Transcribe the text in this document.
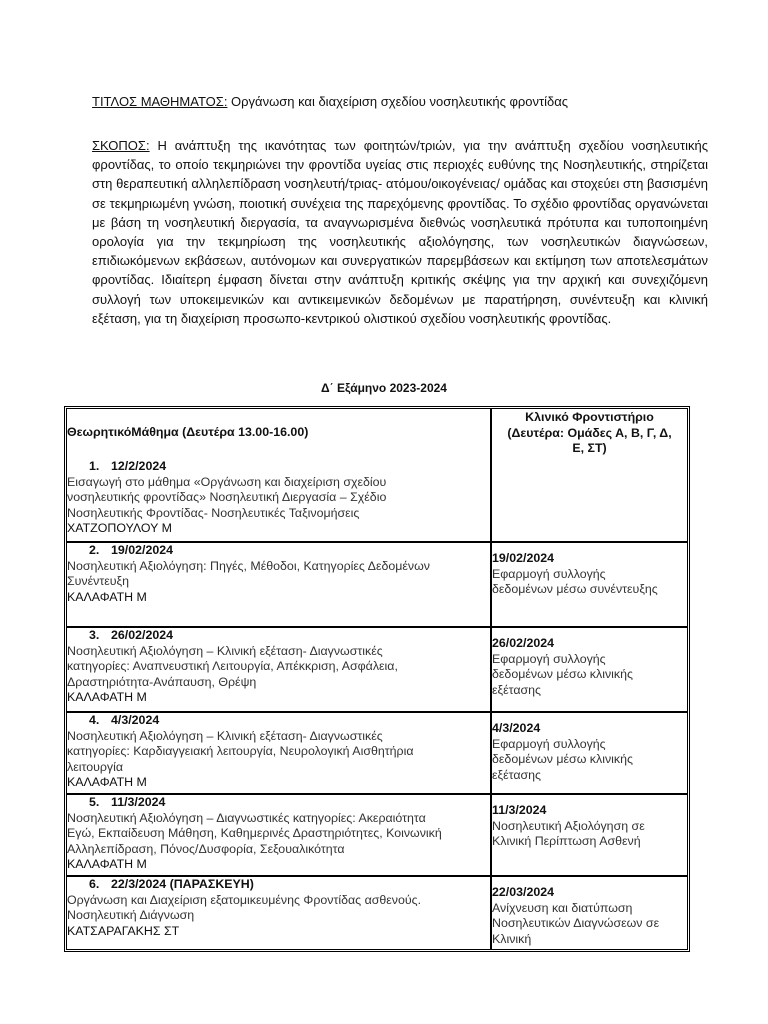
ΤΙΤΛΟΣ ΜΑΘΗΜΑΤΟΣ: Οργάνωση και διαχείριση σχεδίου νοσηλευτικής φροντίδας
ΣΚΟΠΟΣ: Η ανάπτυξη της ικανότητας των φοιτητών/τριών, για την ανάπτυξη σχεδίου νοσηλευτικής φροντίδας, το οποίο τεκμηριώνει την φροντίδα υγείας στις περιοχές ευθύνης της Νοσηλευτικής, στηρίζεται στη θεραπευτική αλληλεπίδραση νοσηλευτή/τριας- ατόμου/οικογένειας/ ομάδας και στοχεύει στη βασισμένη σε τεκμηριωμένη γνώση, ποιοτική συνέχεια της παρεχόμενης φροντίδας. Το σχέδιο φροντίδας οργανώνεται με βάση τη νοσηλευτική διεργασία, τα αναγνωρισμένα διεθνώς νοσηλευτικά πρότυπα και τυποποιημένη ορολογία για την τεκμηρίωση της νοσηλευτικής αξιολόγησης, των νοσηλευτικών διαγνώσεων, επιδιωκόμενων εκβάσεων, αυτόνομων και συνεργατικών παρεμβάσεων και εκτίμηση των αποτελεσμάτων φροντίδας. Ιδιαίτερη έμφαση δίνεται στην ανάπτυξη κριτικής σκέψης για την αρχική και συνεχιζόμενη συλλογή των υποκειμενικών και αντικειμενικών δεδομένων με παρατήρηση, συνέντευξη και κλινική εξέταση, για τη διαχείριση προσωπο-κεντρικού ολιστικού σχεδίου νοσηλευτικής φροντίδας.
Δ΄ Εξάμηνο 2023-2024
ΘεωρητικόΜάθημα (Δευτέρα 13.00-16.00)
Κλινικό Φροντιστήριο
(Δευτέρα: Ομάδες Α, Β, Γ, Δ,
Ε, ΣΤ)
1. 12/2/2024
Εισαγωγή στο μάθημα «Οργάνωση και διαχείριση σχεδίου
νοσηλευτικής φροντίδας» Νοσηλευτική Διεργασία – Σχέδιο
Νοσηλευτικής Φροντίδας- Νοσηλευτικές Ταξινομήσεις
ΧΑΤΖΟΠΟΥΛΟΥ Μ
2. 19/02/2024
Νοσηλευτική Αξιολόγηση: Πηγές, Μέθοδοι, Κατηγορίες Δεδομένων
Συνέντευξη
ΚΑΛΑΦΑΤΗ Μ
19/02/2024
Εφαρμογή συλλογής
δεδομένων μέσω συνέντευξης
3. 26/02/2024
Νοσηλευτική Αξιολόγηση – Κλινική εξέταση- Διαγνωστικές
κατηγορίες: Αναπνευστική Λειτουργία, Απέκκριση, Ασφάλεια,
Δραστηριότητα-Ανάπαυση, Θρέψη
ΚΑΛΑΦΑΤΗ Μ
26/02/2024
Εφαρμογή συλλογής
δεδομένων μέσω κλινικής
εξέτασης
4. 4/3/2024
Νοσηλευτική Αξιολόγηση – Κλινική εξέταση- Διαγνωστικές
κατηγορίες: Καρδιαγγειακή λειτουργία, Νευρολογική Αισθητήρια
λειτουργία
ΚΑΛΑΦΑΤΗ Μ
4/3/2024
Εφαρμογή συλλογής
δεδομένων μέσω κλινικής
εξέτασης
5. 11/3/2024
Νοσηλευτική Αξιολόγηση – Διαγνωστικές κατηγορίες: Ακεραιότητα
Εγώ, Εκπαίδευση Μάθηση, Καθημερινές Δραστηριότητες, Κοινωνική
Αλληλεπίδραση, Πόνος/Δυσφορία, Σεξουαλικότητα
ΚΑΛΑΦΑΤΗ Μ
11/3/2024
Νοσηλευτική Αξιολόγηση σε
Κλινική Περίπτωση Ασθενή
6. 22/3/2024 (ΠΑΡΑΣΚΕΥΗ)
Οργάνωση και Διαχείριση εξατομικευμένης Φροντίδας ασθενούς.
Νοσηλευτική Διάγνωση
ΚΑΤΣΑΡΑΓΑΚΗΣ ΣΤ
22/03/2024
Ανίχνευση και διατύπωση
Νοσηλευτικών Διαγνώσεων σε
Κλινική
